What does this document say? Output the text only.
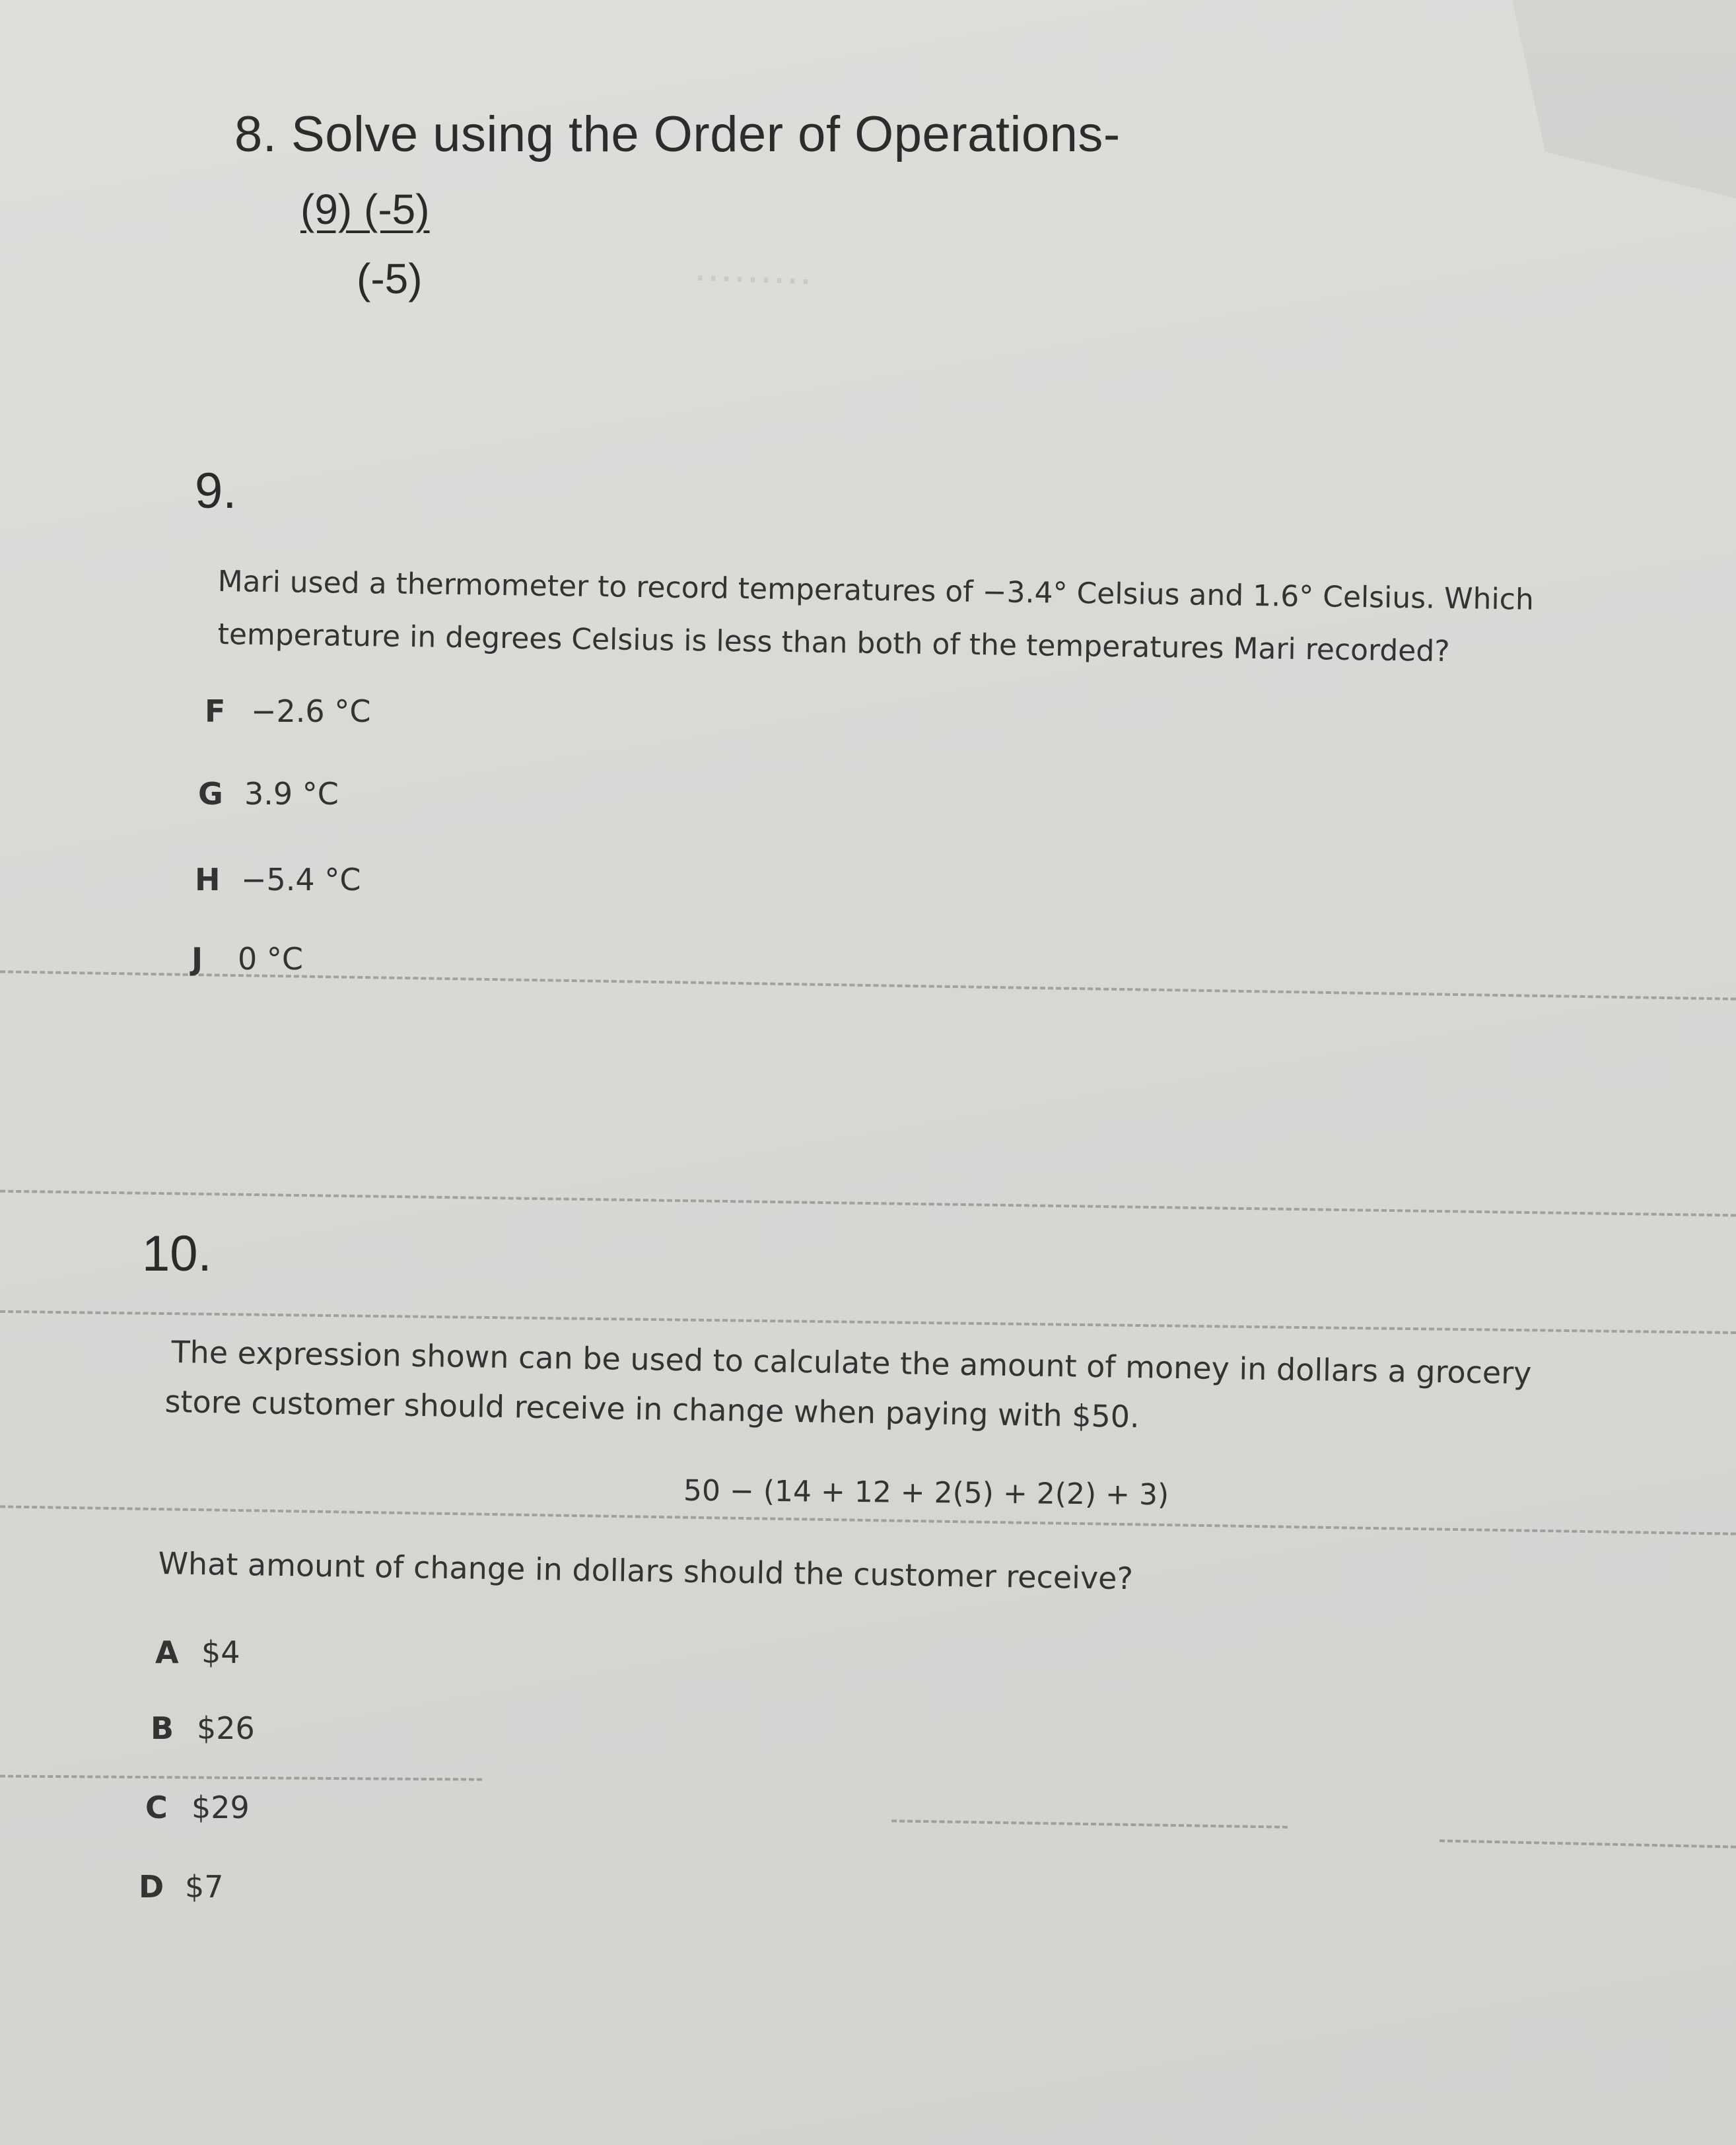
⋯⋯⋯
8. Solve using the Order of Operations-
(9) (-5)
(-5)
9.
Mari used a thermometer to record temperatures of −3.4° Celsius and 1.6° Celsius. Which
temperature in degrees Celsius is less than both of the temperatures Mari recorded?
F −2.6 °C
G 3.9 °C
H −5.4 °C
J 0 °C
10.
The expression shown can be used to calculate the amount of money in dollars a grocery
store customer should receive in change when paying with $50.
50 − (14 + 12 + 2(5) + 2(2) + 3)
What amount of change in dollars should the customer receive?
A $4
B $26
C $29
D $7
